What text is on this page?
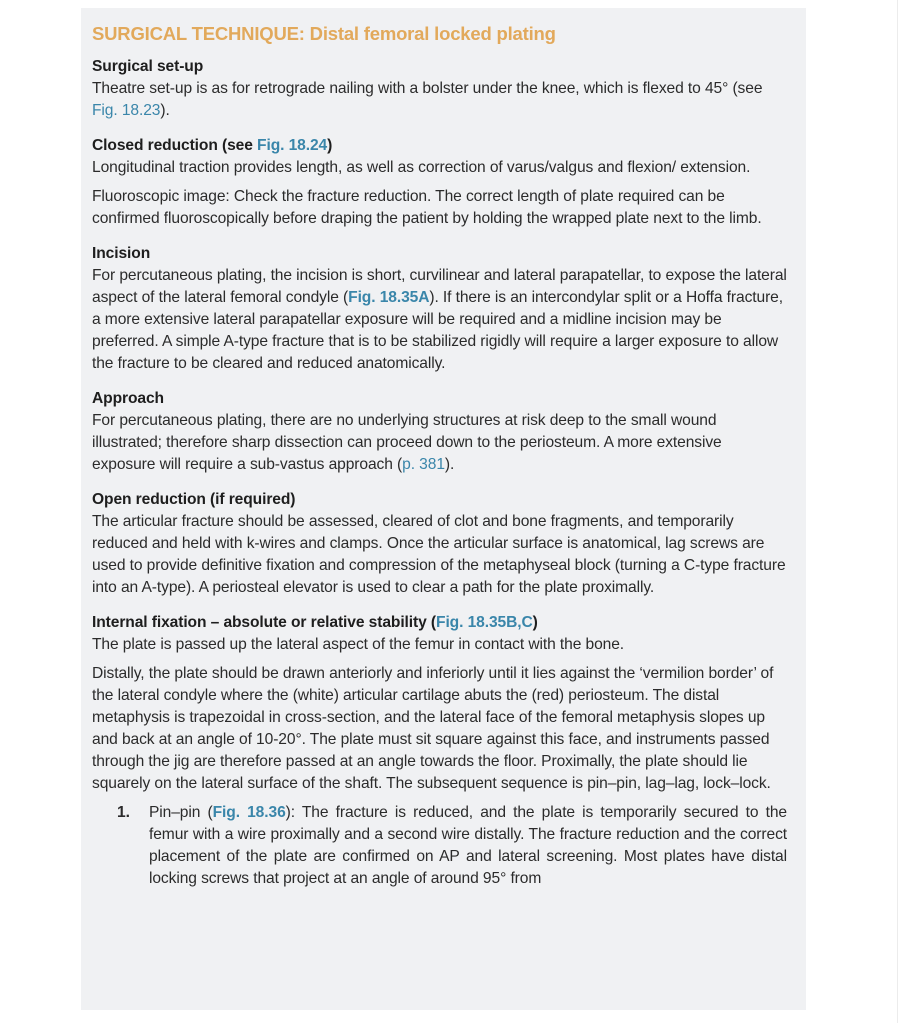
SURGICAL TECHNIQUE: Distal femoral locked plating
Surgical set-up

Theatre set-up is as for retrograde nailing with a bolster under the knee, which is flexed to 45° (see Fig. 18.23).

Closed reduction (see Fig. 18.24)

Longitudinal traction provides length, as well as correction of varus/valgus and flexion/ extension.

Fluoroscopic image: Check the fracture reduction. The correct length of plate required can be confirmed fluoroscopically before draping the patient by holding the wrapped plate next to the limb.

Incision

For percutaneous plating, the incision is short, curvilinear and lateral parapatellar, to expose the lateral aspect of the lateral femoral condyle (Fig. 18.35A). If there is an intercondylar split or a Hoffa fracture, a more extensive lateral parapatellar exposure will be required and a midline incision may be preferred. A simple A-type fracture that is to be stabilized rigidly will require a larger exposure to allow the fracture to be cleared and reduced anatomically.

Approach

For percutaneous plating, there are no underlying structures at risk deep to the small wound illustrated; therefore sharp dissection can proceed down to the periosteum. A more extensive exposure will require a sub-vastus approach (p. 381).

Open reduction (if required)

The articular fracture should be assessed, cleared of clot and bone fragments, and temporarily reduced and held with k-wires and clamps. Once the articular surface is anatomical, lag screws are used to provide definitive fixation and compression of the metaphyseal block (turning a C-type fracture into an A-type). A periosteal elevator is used to clear a path for the plate proximally.

Internal fixation – absolute or relative stability (Fig. 18.35B,C)

The plate is passed up the lateral aspect of the femur in contact with the bone.

Distally, the plate should be drawn anteriorly and inferiorly until it lies against the ‘vermilion border’ of the lateral condyle where the (white) articular cartilage abuts the (red) periosteum. The distal metaphysis is trapezoidal in cross-section, and the lateral face of the femoral metaphysis slopes up and back at an angle of 10-20°. The plate must sit square against this face, and instruments passed through the jig are therefore passed at an angle towards the floor. Proximally, the plate should lie squarely on the lateral surface of the shaft. The subsequent sequence is pin–pin, lag–lag, lock–lock.

1.	Pin–pin (Fig. 18.36): The fracture is reduced, and the plate is temporarily secured to the femur with a wire proximally and a second wire distally. The fracture reduction and the correct placement of the plate are confirmed on AP and lateral screening. Most plates have distal locking screws that project at an angle of around 95° from
